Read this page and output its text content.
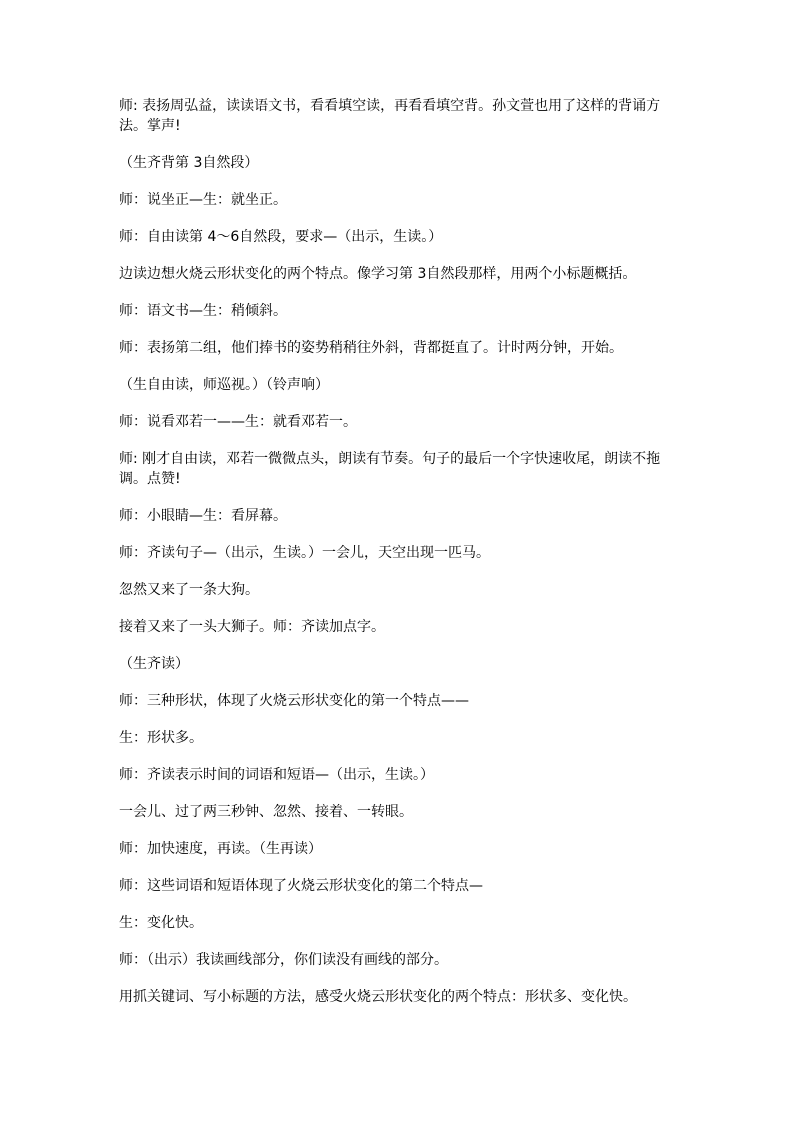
师: 表扬周弘益，读读语文书，看看填空读，再看看填空背。孙文萱也用了这样的背诵方法。掌声!

（生齐背第 3自然段）

师：说坐正—生：就坐正。

师：自由读第 4～6自然段，要求—（出示，生读。）

边读边想火烧云形状变化的两个特点。像学习第 3自然段那样，用两个小标题概括。

师：语文书—生：稍倾斜。

师：表扬第二组，他们捧书的姿势稍稍往外斜，背都挺直了。计时两分钟，开始。

（生自由读，师巡视。）（铃声响）

师：说看邓若一——生：就看邓若一。

师: 刚才自由读，邓若一微微点头，朗读有节奏。句子的最后一个字快速收尾，朗读不拖调。点赞!

师：小眼睛—生：看屏幕。

师：齐读句子—（出示，生读。）一会儿，天空出现一匹马。

忽然又来了一条大狗。

接着又来了一头大狮子。师：齐读加点字。

（生齐读）

师：三种形状，体现了火烧云形状变化的第一个特点——

生：形状多。

师：齐读表示时间的词语和短语—（出示，生读。）

一会儿、过了两三秒钟、忽然、接着、一转眼。

师：加快速度，再读。（生再读）

师：这些词语和短语体现了火烧云形状变化的第二个特点—

生：变化快。

师：（出示）我读画线部分，你们读没有画线的部分。

用抓关键词、写小标题的方法，感受火烧云形状变化的两个特点：形状多、变化快。
